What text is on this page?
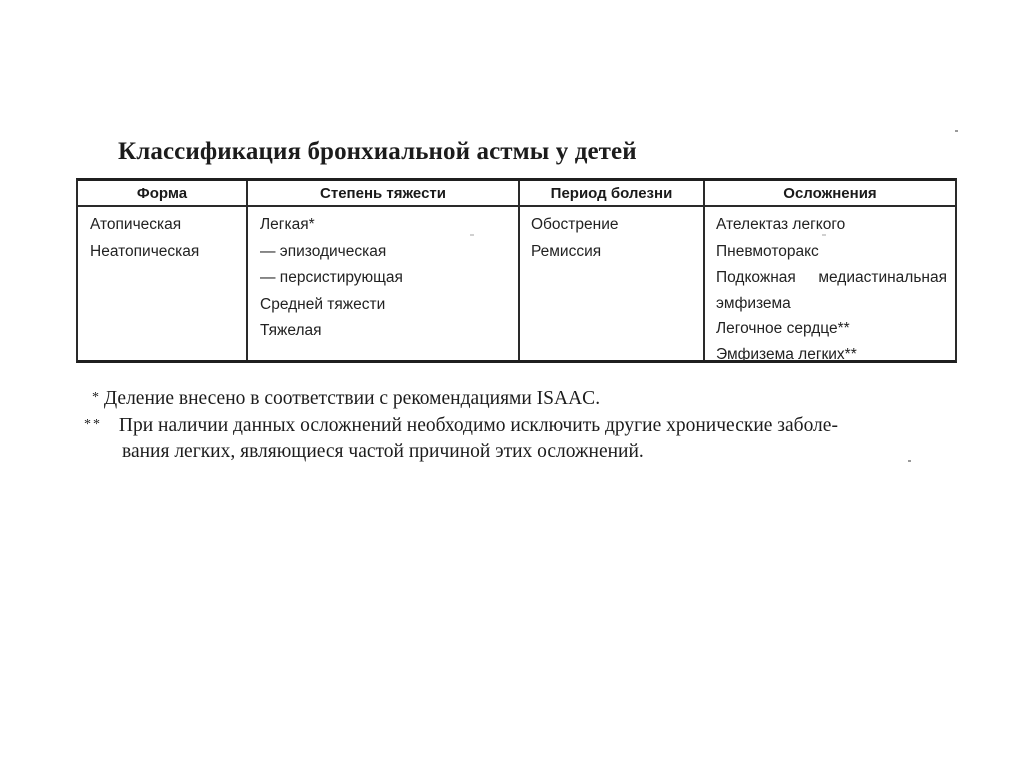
Классификация бронхиальной астмы у детей
Форма
Атопическая
Неатопическая
Степень тяжести
Легкая*
— эпизодическая
— персистирующая
Средней тяжести
Тяжелая
Период болезни
Обострение
Ремиссия
Осложнения
Ателектаз легкого
Пневмоторакс
Подкожная медиастинальная
эмфизема
Легочное сердце**
Эмфизема легких**
* Деление внесено в соответствии с рекомендациями ISAAC.
** При наличии данных осложнений необходимо исключить другие хронические заболе-
вания легких, являющиеся частой причиной этих осложнений.
